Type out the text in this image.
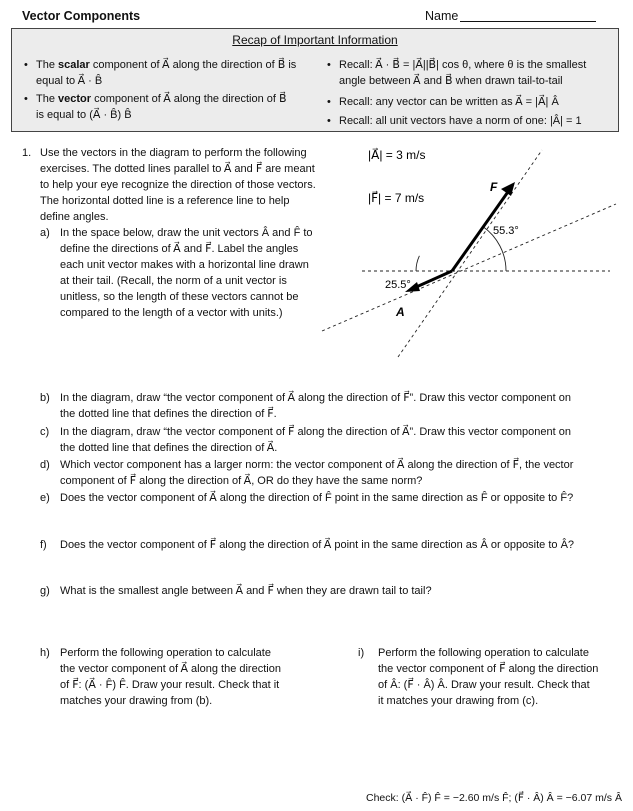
Vector Components	Name
Recap of Important Information
• The scalar component of A⃗ along the direction of B⃗ is
equal to A⃗ · B̂
• The vector component of A⃗ along the direction of B⃗
is equal to (A⃗ · B̂) B̂
• Recall: A⃗ · B⃗ = |A⃗||B⃗| cos θ, where θ is the smallest
angle between A⃗ and B⃗ when drawn tail-to-tail
• Recall: any vector can be written as A⃗ = |A⃗| Â
• Recall: all unit vectors have a norm of one: |Â| = 1
1. Use the vectors in the diagram to perform the following
exercises. The dotted lines parallel to A⃗ and F⃗ are meant
to help your eye recognize the direction of those vectors.
The horizontal dotted line is a reference line to help
define angles.
a) In the space below, draw the unit vectors Â and F̂ to
define the directions of A⃗ and F⃗. Label the angles
each unit vector makes with a horizontal line drawn
at their tail. (Recall, the norm of a unit vector is
unitless, so the length of these vectors cannot be
compared to the length of a vector with units.)
|A⃗| = 3 m/s
|F⃗| = 7 m/s
F
A
55.3°
25.5°
b) In the diagram, draw “the vector component of A⃗ along the direction of F⃗”. Draw this vector component on
the dotted line that defines the direction of F⃗.
c) In the diagram, draw “the vector component of F⃗ along the direction of A⃗”. Draw this vector component on
the dotted line that defines the direction of A⃗.
d) Which vector component has a larger norm: the vector component of A⃗ along the direction of F⃗, the vector
component of F⃗ along the direction of A⃗, OR do they have the same norm?
e) Does the vector component of A⃗ along the direction of F̂ point in the same direction as F̂ or opposite to F̂?
f) Does the vector component of F⃗ along the direction of A⃗ point in the same direction as Â or opposite to Â?
g) What is the smallest angle between A⃗ and F⃗ when they are drawn tail to tail?
h) Perform the following operation to calculate
the vector component of A⃗ along the direction
of F⃗: (A⃗ · F̂) F̂. Draw your result. Check that it
matches your drawing from (b).
i) Perform the following operation to calculate
the vector component of F⃗ along the direction
of Â: (F⃗ · Â) Â. Draw your result. Check that
it matches your drawing from (c).
Check: (A⃗ · F̂) F̂ = −2.60 m/s F̂; (F⃗ · Â) Â = −6.07 m/s Â
